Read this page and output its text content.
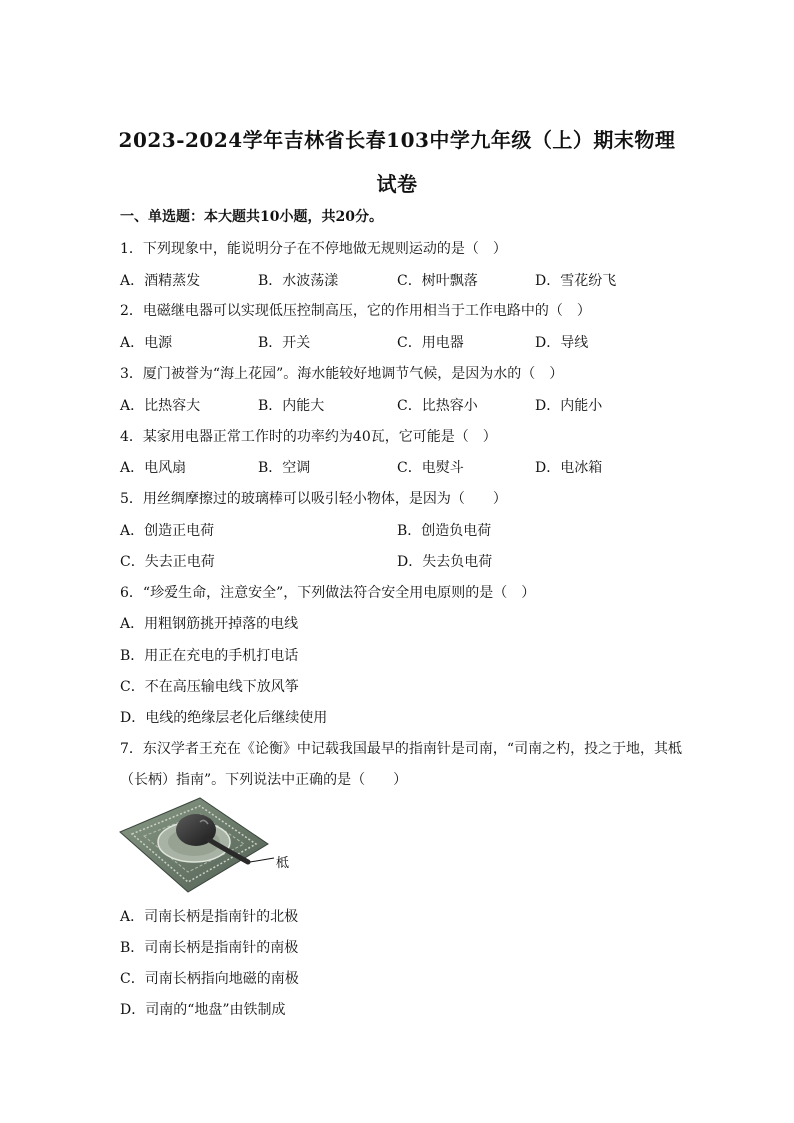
2023-2024学年吉林省长春103中学九年级（上）期末物理
试卷
一、单选题：本大题共10小题，共20分。
1．下列现象中，能说明分子在不停地做无规则运动的是（　）
A．酒精蒸发	B．水波荡漾	C．树叶飘落	D．雪花纷飞
2．电磁继电器可以实现低压控制高压，它的作用相当于工作电路中的（　）
A．电源	B．开关	C．用电器	D．导线
3．厦门被誉为“海上花园”。海水能较好地调节气候，是因为水的（　）
A．比热容大	B．内能大	C．比热容小	D．内能小
4．某家用电器正常工作时的功率约为40瓦，它可能是（　）
A．电风扇	B．空调	C．电熨斗	D．电冰箱
5．用丝绸摩擦过的玻璃棒可以吸引轻小物体，是因为（　　）
A．创造正电荷	B．创造负电荷
C．失去正电荷	D．失去负电荷
6．“珍爱生命，注意安全”，下列做法符合安全用电原则的是（　）
A．用粗钢筋挑开掉落的电线
B．用正在充电的手机打电话
C．不在高压输电线下放风筝
D．电线的绝缘层老化后继续使用
7．东汉学者王充在《论衡》中记载我国最早的指南针是司南，“司南之杓，投之于地，其柢
（长柄）指南”。下列说法中正确的是（　　）
柢
A．司南长柄是指南针的北极
B．司南长柄是指南针的南极
C．司南长柄指向地磁的南极
D．司南的“地盘”由铁制成
